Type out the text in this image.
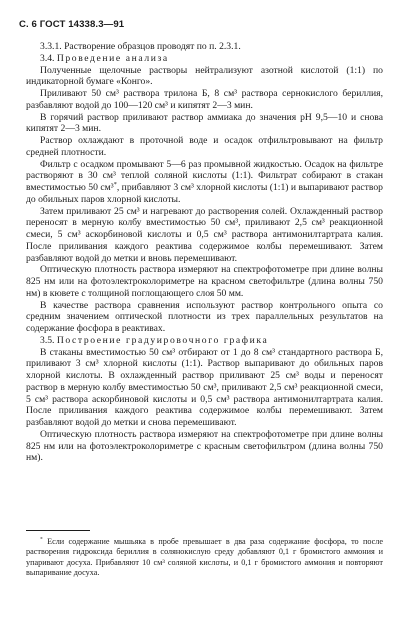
С. 6 ГОСТ 14338.3—91

3.3.1. Растворение образцов проводят по п. 2.3.1.

3.4. Проведение анализа

Полученные щелочные растворы нейтрализуют азотной кислотой (1:1) по индикаторной бумаге «Конго».

Приливают 50 см³ раствора трилона Б, 8 см³ раствора сернокислого бериллия, разбавляют водой до 100—120 см³ и кипятят 2—3 мин.

В горячий раствор приливают раствор аммиака до значения рН 9,5—10 и снова кипятят 2—3 мин.

Раствор охлаждают в проточной воде и осадок отфильтровывают на фильтр средней плотности.

Фильтр с осадком промывают 5—6 раз промывной жидкостью. Осадок на фильтре растворяют в 30 см³ теплой соляной кислоты (1:1). Фильтрат собирают в стакан вместимостью 50 см³*, прибавляют 3 см³ хлорной кислоты (1:1) и выпаривают раствор до обильных паров хлорной кислоты.

Затем приливают 25 см³ и нагревают до растворения солей. Охлажденный раствор переносят в мерную колбу вместимостью 50 см³, приливают 2,5 см³ реакционной смеси, 5 см³ аскорбиновой кислоты и 0,5 см³ раствора антимонилтартрата калия. После приливания каждого реактива содержимое колбы перемешивают. Затем разбавляют водой до метки и вновь перемешивают.

Оптическую плотность раствора измеряют на спектрофотометре при длине волны 825 нм или на фотоэлектроколориметре на красном светофильтре (длина волны 750 нм) в кювете с толщиной поглощающего слоя 50 мм.

В качестве раствора сравнения используют раствор контрольного опыта со средним значением оптической плотности из трех параллельных результатов на содержание фосфора в реактивах.

3.5. Построение градуировочного графика

В стаканы вместимостью 50 см³ отбирают от 1 до 8 см³ стандартного раствора Б, приливают 3 см³ хлорной кислоты (1:1). Раствор выпаривают до обильных паров хлорной кислоты. В охлажденный раствор приливают 25 см³ воды и переносят раствор в мерную колбу вместимостью 50 см³, приливают 2,5 см³ реакционной смеси, 5 см³ раствора аскорбиновой кислоты и 0,5 см³ раствора антимонилтартрата калия. После приливания каждого реактива содержимое колбы перемешивают. Затем разбавляют водой до метки и снова перемешивают.

Оптическую плотность раствора измеряют на спектрофотометре при длине волны 825 нм или на фотоэлектроколориметре с красным светофильтром (длина волны 750 нм).

* Если содержание мышьяка в пробе превышает в два раза содержание фосфора, то после растворения гидроксида бериллия в солянокислую среду добавляют 0,1 г бромистого аммония и упаривают досуха. Прибавляют 10 см³ соляной кислоты, и 0,1 г бромистого аммония и повторяют выпаривание досуха.
